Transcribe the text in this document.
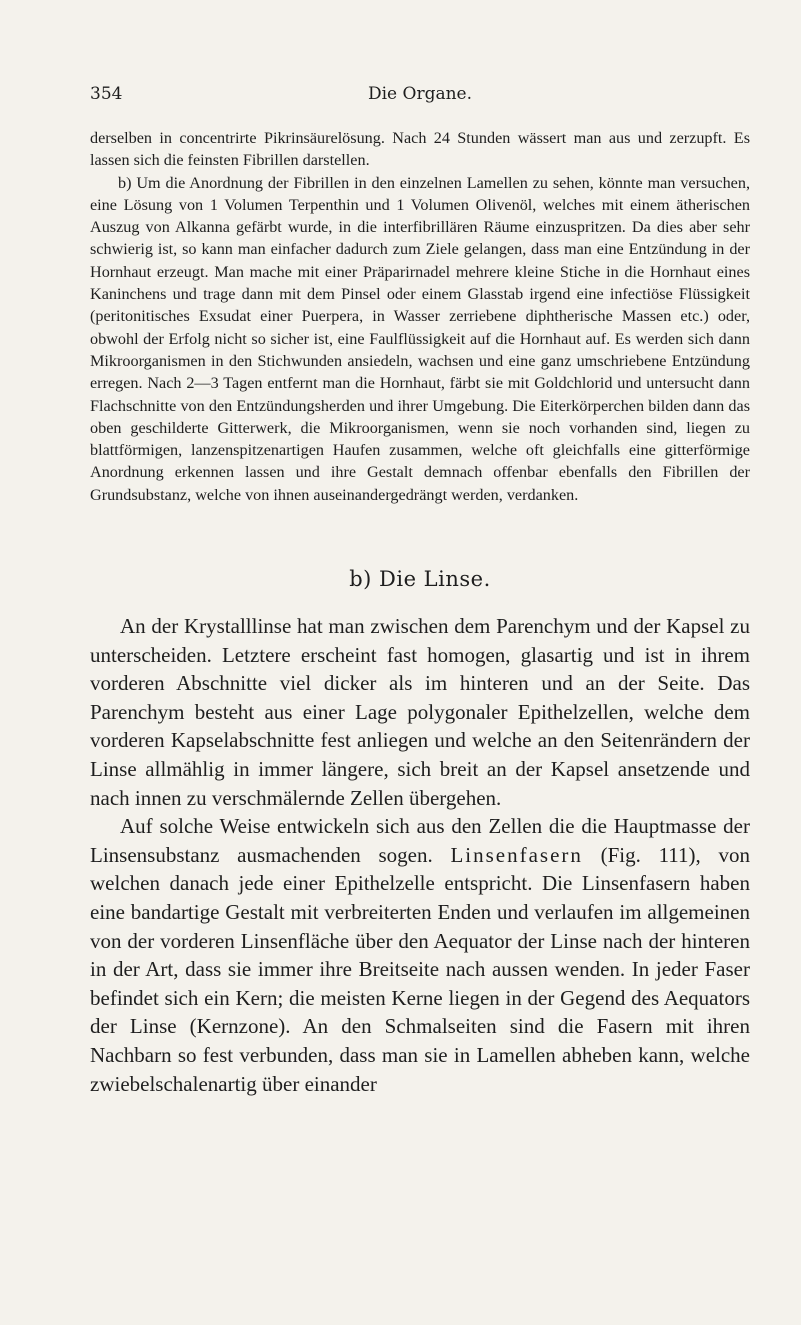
354	Die Organe.

derselben in concentrirte Pikrinsäurelösung. Nach 24 Stunden wässert man aus und zerzupft. Es lassen sich die feinsten Fibrillen darstellen.

b) Um die Anordnung der Fibrillen in den einzelnen Lamellen zu sehen, könnte man versuchen, eine Lösung von 1 Volumen Terpenthin und 1 Volumen Olivenöl, welches mit einem ätherischen Auszug von Alkanna gefärbt wurde, in die interfibrillären Räume einzuspritzen. Da dies aber sehr schwierig ist, so kann man einfacher dadurch zum Ziele gelangen, dass man eine Entzündung in der Hornhaut erzeugt. Man mache mit einer Präparirnadel mehrere kleine Stiche in die Hornhaut eines Kaninchens und trage dann mit dem Pinsel oder einem Glasstab irgend eine infectiöse Flüssigkeit (peritonitisches Exsudat einer Puerpera, in Wasser zerriebene diphtherische Massen etc.) oder, obwohl der Erfolg nicht so sicher ist, eine Faulflüssigkeit auf die Hornhaut auf. Es werden sich dann Mikroorganismen in den Stichwunden ansiedeln, wachsen und eine ganz umschriebene Entzündung erregen. Nach 2—3 Tagen entfernt man die Hornhaut, färbt sie mit Goldchlorid und untersucht dann Flachschnitte von den Entzündungsherden und ihrer Umgebung. Die Eiterkörperchen bilden dann das oben geschilderte Gitterwerk, die Mikroorganismen, wenn sie noch vorhanden sind, liegen zu blattförmigen, lanzenspitzenartigen Haufen zusammen, welche oft gleichfalls eine gitterförmige Anordnung erkennen lassen und ihre Gestalt demnach offenbar ebenfalls den Fibrillen der Grundsubstanz, welche von ihnen auseinandergedrängt werden, verdanken.

b) Die Linse.

An der Krystalllinse hat man zwischen dem Parenchym und der Kapsel zu unterscheiden. Letztere erscheint fast homogen, glasartig und ist in ihrem vorderen Abschnitte viel dicker als im hinteren und an der Seite. Das Parenchym besteht aus einer Lage polygonaler Epithelzellen, welche dem vorderen Kapselabschnitte fest anliegen und welche an den Seitenrändern der Linse allmählig in immer längere, sich breit an der Kapsel ansetzende und nach innen zu verschmälernde Zellen übergehen.

Auf solche Weise entwickeln sich aus den Zellen die die Hauptmasse der Linsensubstanz ausmachenden sogen. Linsenfasern (Fig. 111), von welchen danach jede einer Epithelzelle entspricht. Die Linsenfasern haben eine bandartige Gestalt mit verbreiterten Enden und verlaufen im allgemeinen von der vorderen Linsenfläche über den Aequator der Linse nach der hinteren in der Art, dass sie immer ihre Breitseite nach aussen wenden. In jeder Faser befindet sich ein Kern; die meisten Kerne liegen in der Gegend des Aequators der Linse (Kernzone). An den Schmalseiten sind die Fasern mit ihren Nachbarn so fest verbunden, dass man sie in Lamellen abheben kann, welche zwiebelschalenartig über einander
